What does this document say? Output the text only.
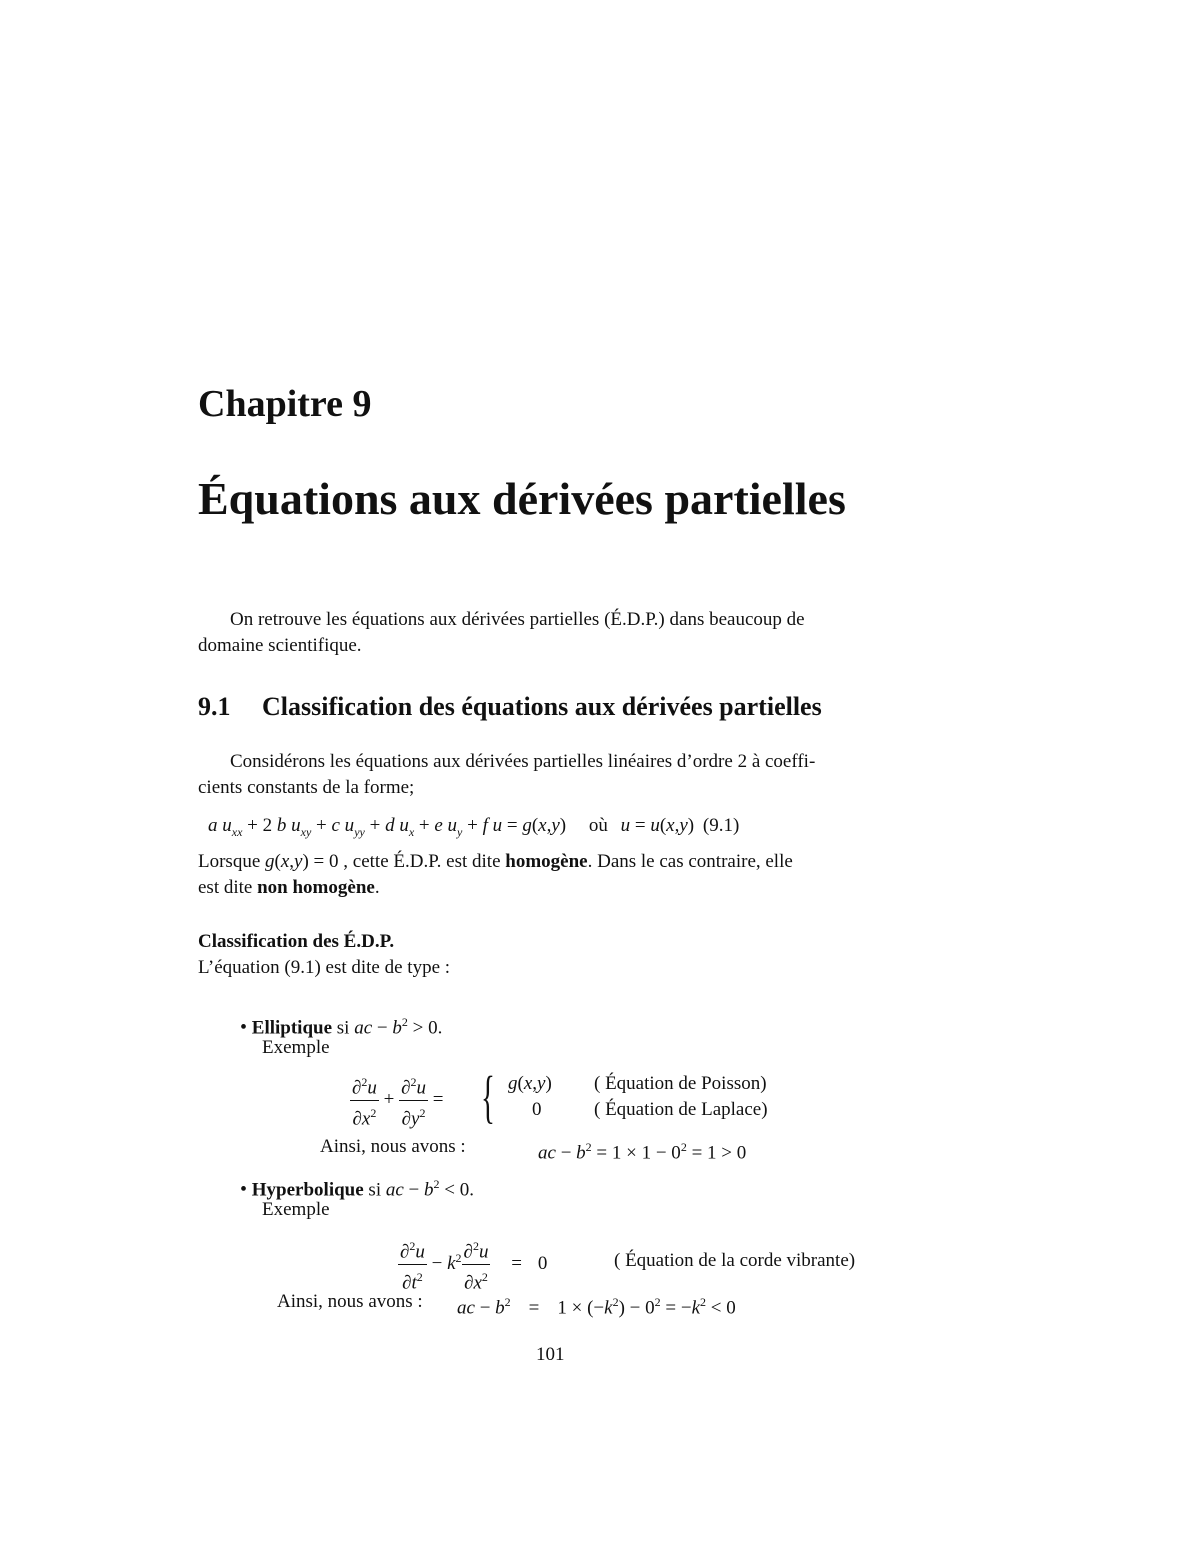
Chapitre 9
Équations aux dérivées partielles
On retrouve les équations aux dérivées partielles (É.D.P.) dans beaucoup de
domaine scientifique.
9.1 Classification des équations aux dérivées partielles
Considérons les équations aux dérivées partielles linéaires d’ordre 2 à coeffi-
cients constants de la forme;
a $u_{xx} + 2$ b $u_{xy} + c$ $u_{yy} + d$ $u_x + e$ $u_y + f$ u = g(x,y) où u = u(x,y) (9.1)
Lorsque g(x,y) = 0 , cette É.D.P. est dite homogène. Dans le cas contraire, elle
est dite non homogène.
Classification des É.D.P.
L’équation (9.1) est dite de type :
• Elliptique si ac − $b^2 > 0$.
Exemple
$\frac{\partial^2u}{\partial x^2} + \frac{\partial^2u}{\partial y^2}$ = { g(x,y)
0
( Équation de Poisson)
( Équation de Laplace)
Ainsi, nous avons :	ac − $b^2 = 1 \times 1 - 0^2 = 1 > 0$
• Hyperbolique si ac − $b^2 < 0$.
Exemple
$\frac{\partial^2u}{\partial t^2} - k^2 \frac{\partial^2u}{\partial x^2} = 0$	( Équation de la corde vibrante)
Ainsi, nous avons : ac − $b^2 = 1 \times (-k^2) - 0^2 = -k^2 < 0$
101
